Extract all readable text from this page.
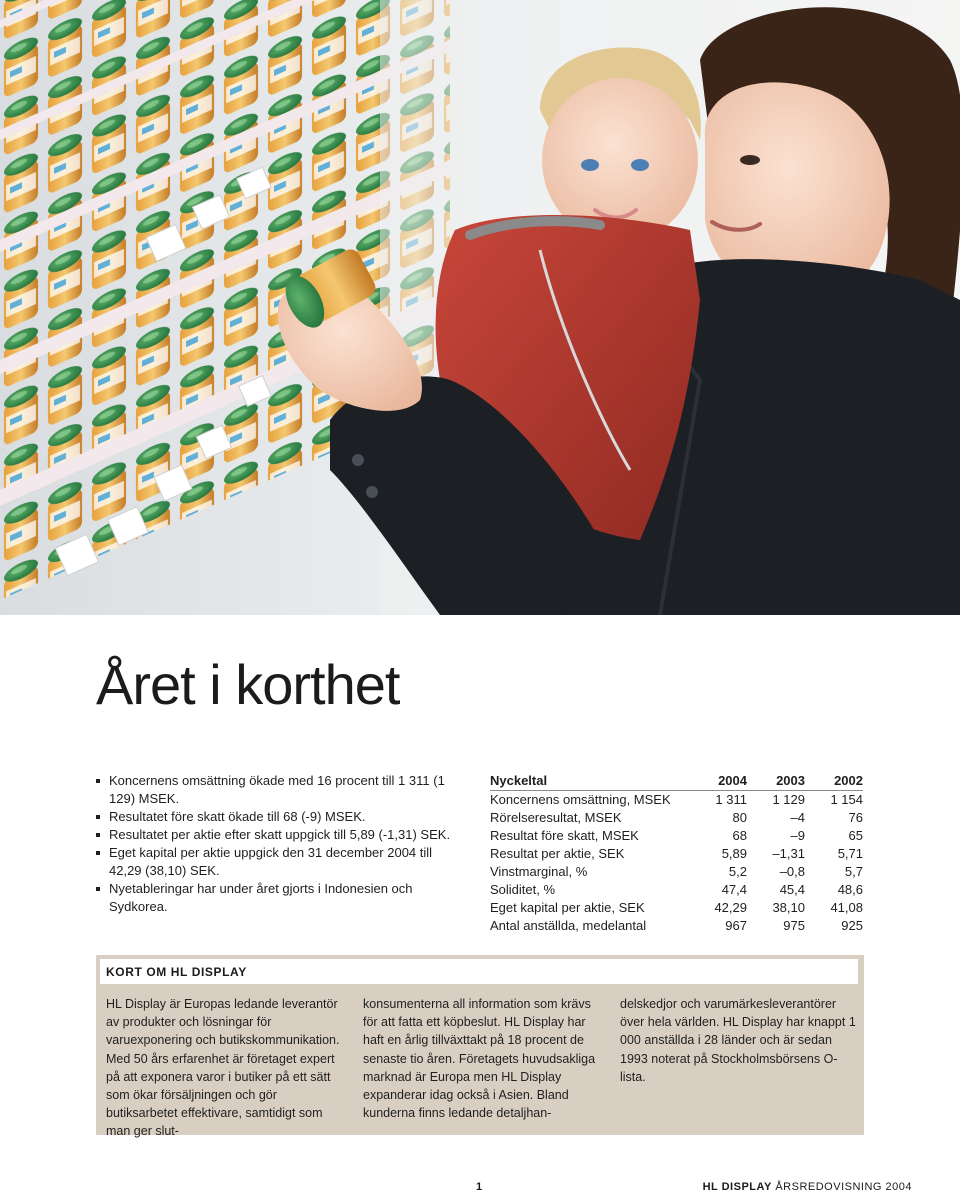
Året i korthet
Koncernens omsättning ökade med 16 procent till 1 311 (1 129) MSEK.
Resultatet före skatt ökade till 68 (-9) MSEK.
Resultatet per aktie efter skatt uppgick till 5,89 (-1,31) SEK.
Eget kapital per aktie uppgick den 31 december 2004 till 42,29 (38,10) SEK.
Nyetableringar har under året gjorts i Indonesien och Sydkorea.
Nyckeltal	2004	2003	2002
Koncernens omsättning, MSEK	1 311	1 129	1 154
Rörelseresultat, MSEK	80	–4	76
Resultat före skatt, MSEK	68	–9	65
Resultat per aktie, SEK	5,89	–1,31	5,71
Vinstmarginal, %	5,2	–0,8	5,7
Soliditet, %	47,4	45,4	48,6
Eget kapital per aktie, SEK	42,29	38,10	41,08
Antal anställda, medelantal	967	975	925
KORT OM HL DISPLAY
HL Display är Europas ledande leverantör av produkter och lösningar för varuexponering och butikskommunikation. Med 50 års erfarenhet är företaget expert på att exponera varor i butiker på ett sätt som ökar försäljningen och gör butiksarbetet effektivare, samtidigt som man ger slut-
konsumenterna all information som krävs för att fatta ett köpbeslut. HL Display har haft en årlig tillväxttakt på 18 procent de senaste tio åren. Företagets huvudsakliga marknad är Europa men HL Display expanderar idag också i Asien. Bland kunderna finns ledande detaljhan-
delskedjor och varumärkesleverantörer över hela världen. HL Display har knappt 1 000 anställda i 28 länder och är sedan 1993 noterat på Stockholmsbörsens O-lista.
1	HL DISPLAY ÅRSREDOVISNING 2004
